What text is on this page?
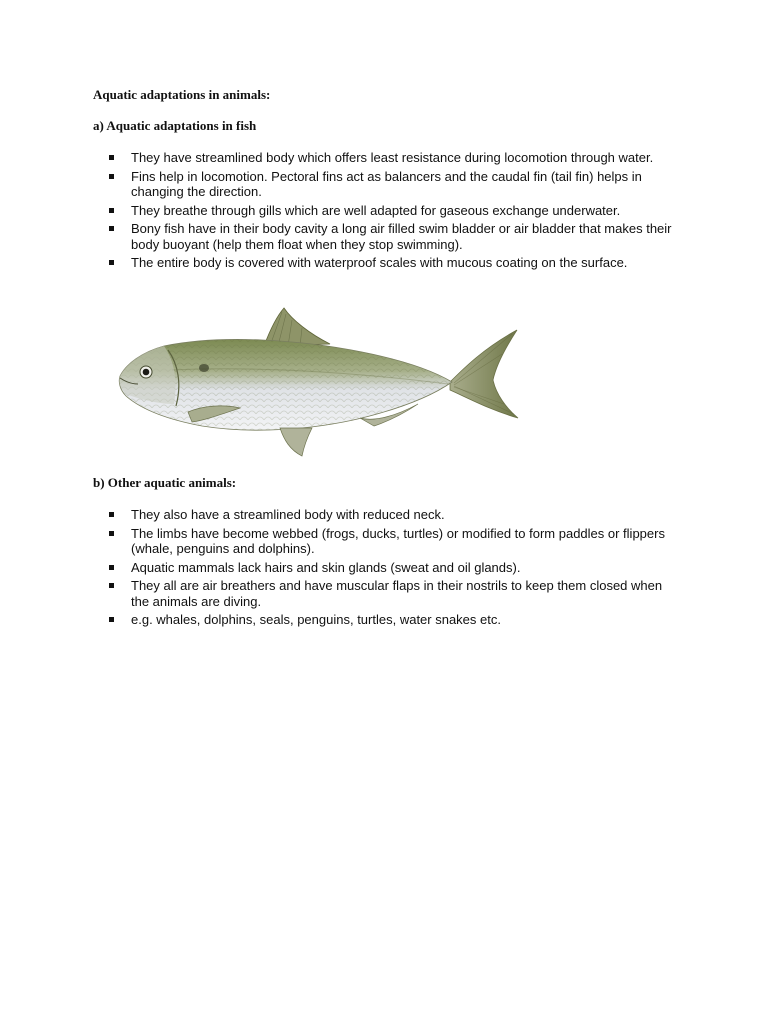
Aquatic adaptations in animals:
a) Aquatic adaptations in fish
They have streamlined body which offers least resistance during locomotion through water.
Fins help in locomotion. Pectoral fins act as balancers and the caudal fin (tail fin) helps in changing the direction.
They breathe through gills which are well adapted for gaseous exchange underwater.
Bony fish have in their body cavity a long air filled swim bladder or air bladder that makes their body buoyant (help them float when they stop swimming).
The entire body is covered with waterproof scales with mucous coating on the surface.
b) Other aquatic animals:
They also have a streamlined body with reduced neck.
The limbs have become webbed (frogs, ducks, turtles) or modified to form paddles or flippers (whale, penguins and dolphins).
Aquatic mammals lack hairs and skin glands (sweat and oil glands).
They all are air breathers and have muscular flaps in their nostrils to keep them closed when the animals are diving.
e.g. whales, dolphins, seals, penguins, turtles, water snakes etc.
